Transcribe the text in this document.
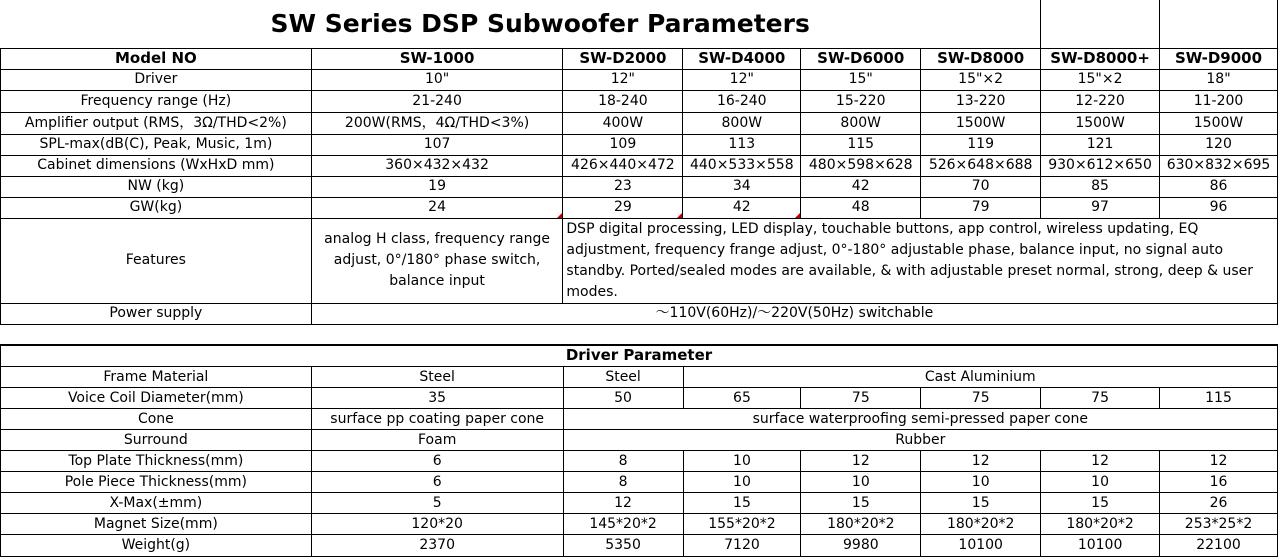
SW Series DSP Subwoofer Parameters							
Model NO	SW-1000	SW-D2000	SW-D4000	SW-D6000	SW-D8000	SW-D8000+	SW-D9000
Driver	10"	12"	12"	15"	15"×2	15"×2	18"
Frequency range (Hz)	21-240	18-240	16-240	15-220	13-220	12-220	11-200
Amplifier output (RMS，3Ω/THD<2%)	200W(RMS，4Ω/THD<3%)	400W	800W	800W	1500W	1500W	1500W
SPL-max(dB(C), Peak, Music, 1m)	107	109	113	115	119	121	120
Cabinet dimensions (WxHxD mm)	360×432×432	426×440×472	440×533×558	480×598×628	526×648×688	930×612×650	630×832×695
NW (kg)	19	23	34	42	70	85	86
GW(kg)	24	29	42	48	79	97	96
Features	analog H class, frequency range adjust, 0°/180° phase switch, balance input	DSP digital processing, LED display, touchable buttons, app control, wireless updating, EQ adjustment, frequency frange adjust, 0°-180° adjustable phase, balance input, no signal auto standby. Ported/sealed modes are available, & with adjustable preset normal, strong, deep & user modes.					
Power supply	～110V(60Hz)/～220V(50Hz) switchable						

Driver Parameter							
Frame Material	Steel	Steel	Cast Aluminium				
Voice Coil Diameter(mm)	35	50	65	75	75	75	115
Cone	surface pp coating paper cone	surface waterproofing semi-pressed paper cone					
Surround	Foam	Rubber					
Top Plate Thickness(mm)	6	8	10	12	12	12	12
Pole Piece Thickness(mm)	6	8	10	10	10	10	16
X-Max(±mm)	5	12	15	15	15	15	26
Magnet Size(mm)	120*20	145*20*2	155*20*2	180*20*2	180*20*2	180*20*2	253*25*2
Weight(g)	2370	5350	7120	9980	10100	10100	22100
